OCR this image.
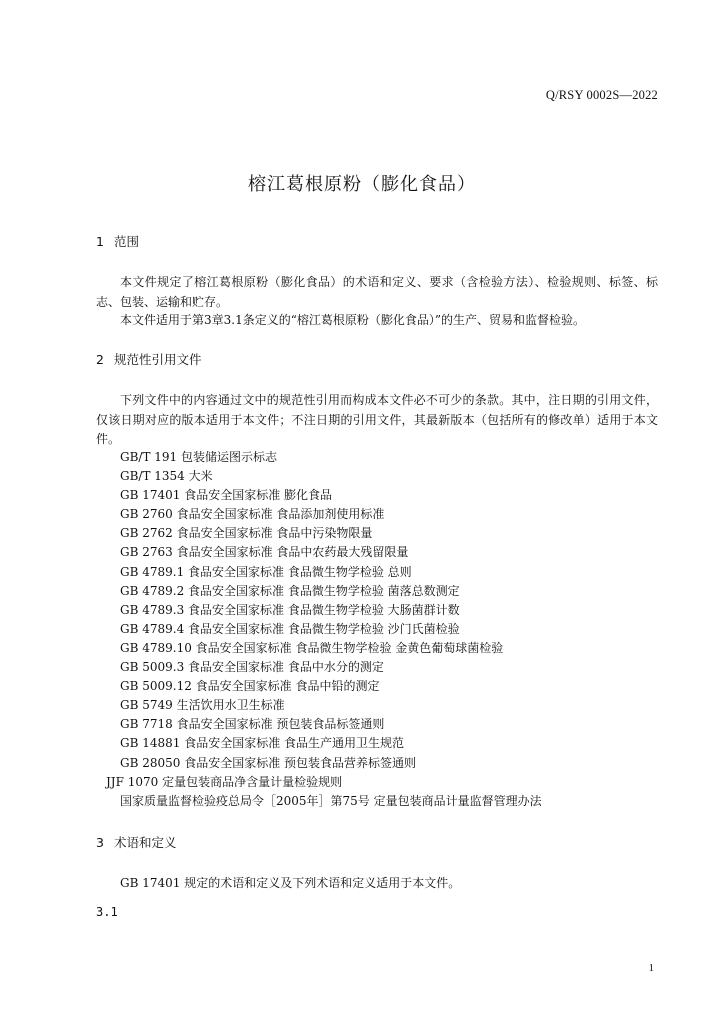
Q/RSY 0002S—2022
榕江葛根原粉（膨化食品）
1 范围

本文件规定了榕江葛根原粉（膨化食品）的术语和定义、要求（含检验方法）、检验规则、标签、标志、包装、运输和贮存。

本文件适用于第3章3.1条定义的“榕江葛根原粉（膨化食品）”的生产、贸易和监督检验。

2 规范性引用文件

下列文件中的内容通过文中的规范性引用而构成本文件必不可少的条款。其中，注日期的引用文件，仅该日期对应的版本适用于本文件；不注日期的引用文件，其最新版本（包括所有的修改单）适用于本文件。

GB/T 191 包装储运图示标志
GB/T 1354 大米
GB 17401 食品安全国家标准 膨化食品
GB 2760 食品安全国家标准 食品添加剂使用标准
GB 2762 食品安全国家标准 食品中污染物限量
GB 2763 食品安全国家标准 食品中农药最大残留限量
GB 4789.1 食品安全国家标准 食品微生物学检验 总则
GB 4789.2 食品安全国家标准 食品微生物学检验 菌落总数测定
GB 4789.3 食品安全国家标准 食品微生物学检验 大肠菌群计数
GB 4789.4 食品安全国家标准 食品微生物学检验 沙门氏菌检验
GB 4789.10 食品安全国家标准 食品微生物学检验 金黄色葡萄球菌检验
GB 5009.3 食品安全国家标准 食品中水分的测定
GB 5009.12 食品安全国家标准 食品中铅的测定
GB 5749 生活饮用水卫生标准
GB 7718 食品安全国家标准 预包装食品标签通则
GB 14881 食品安全国家标准 食品生产通用卫生规范
GB 28050 食品安全国家标准 预包装食品营养标签通则
JJF 1070 定量包装商品净含量计量检验规则
国家质量监督检验疫总局令［2005年］第75号 定量包装商品计量监督管理办法
3 术语和定义

GB 17401 规定的术语和定义及下列术语和定义适用于本文件。

3.1
1
